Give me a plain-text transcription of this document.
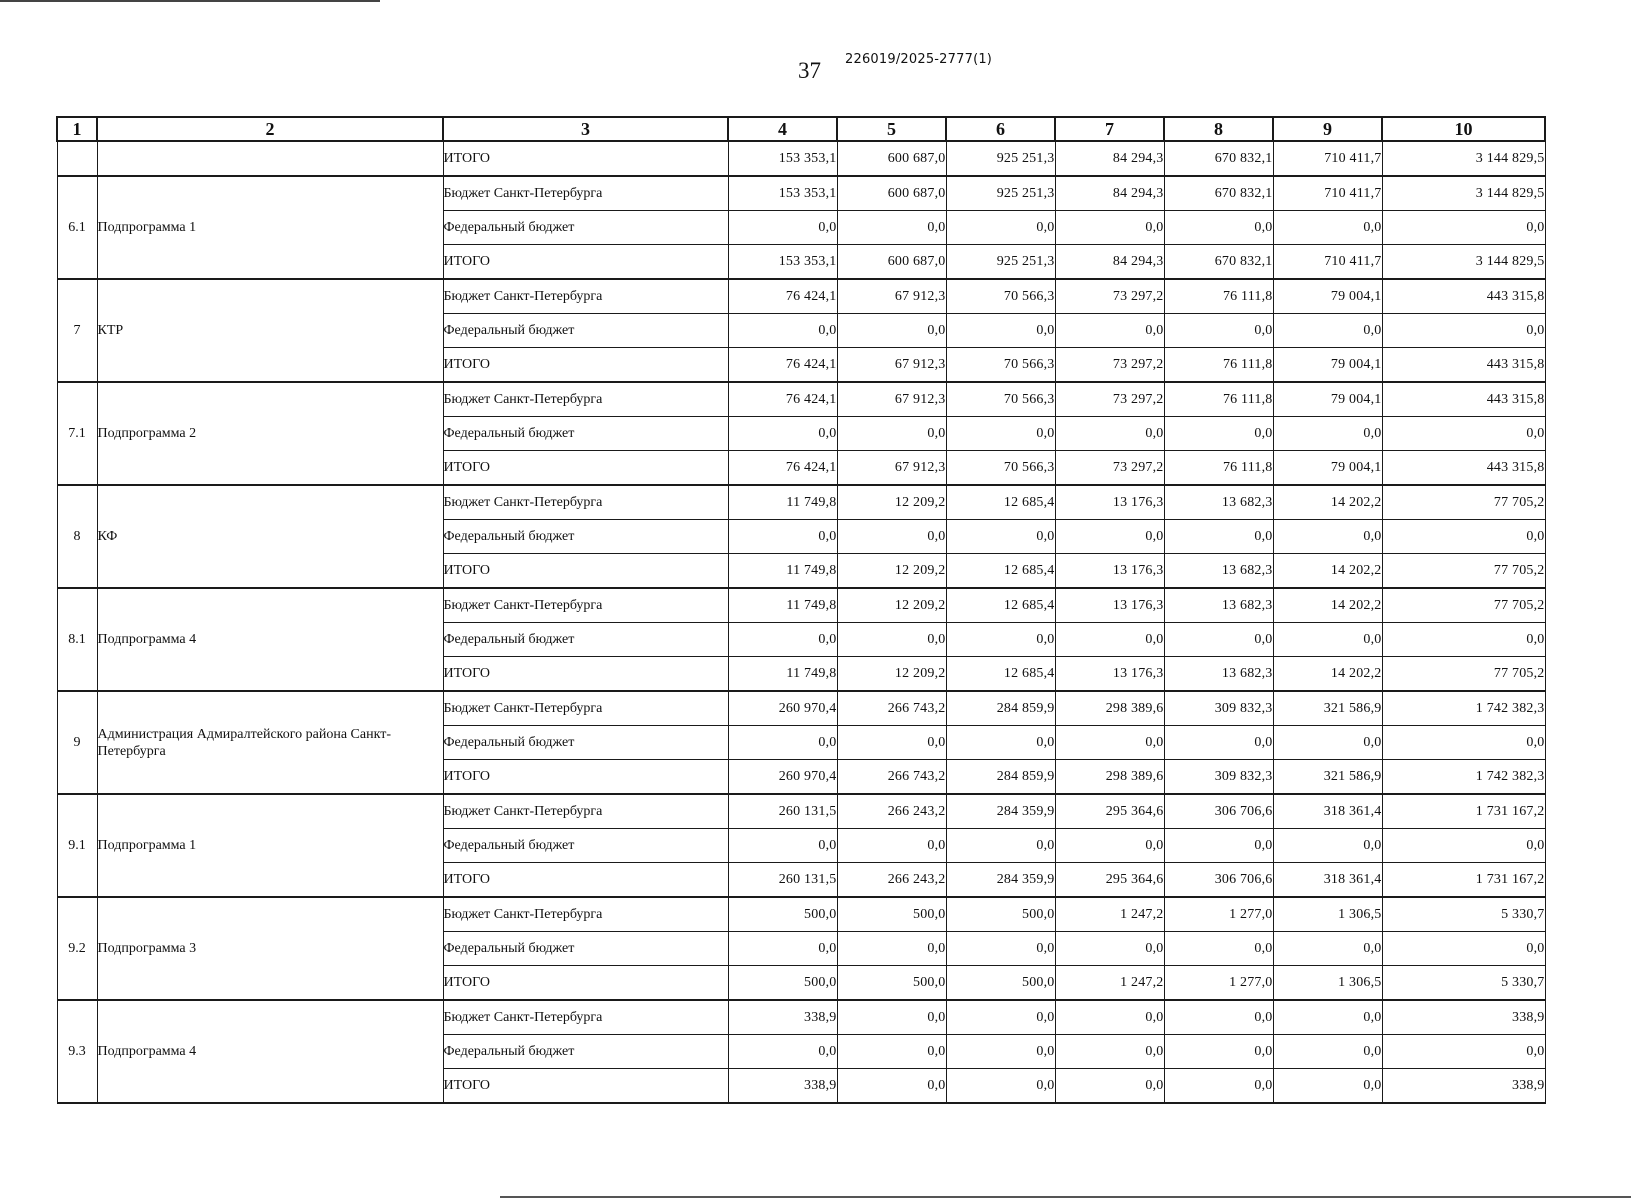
37 226019/2025-2777(1)
1	2	3	4	5	6	7	8	9	10
		ИТОГО	153 353,1	600 687,0	925 251,3	84 294,3	670 832,1	710 411,7	3 144 829,5
6.1	Подпрограмма 1	Бюджет Санкт-Петербурга	153 353,1	600 687,0	925 251,3	84 294,3	670 832,1	710 411,7	3 144 829,5
		Федеральный бюджет	0,0	0,0	0,0	0,0	0,0	0,0	0,0
		ИТОГО	153 353,1	600 687,0	925 251,3	84 294,3	670 832,1	710 411,7	3 144 829,5
7	КТР	Бюджет Санкт-Петербурга	76 424,1	67 912,3	70 566,3	73 297,2	76 111,8	79 004,1	443 315,8
		Федеральный бюджет	0,0	0,0	0,0	0,0	0,0	0,0	0,0
		ИТОГО	76 424,1	67 912,3	70 566,3	73 297,2	76 111,8	79 004,1	443 315,8
7.1	Подпрограмма 2	Бюджет Санкт-Петербурга	76 424,1	67 912,3	70 566,3	73 297,2	76 111,8	79 004,1	443 315,8
		Федеральный бюджет	0,0	0,0	0,0	0,0	0,0	0,0	0,0
		ИТОГО	76 424,1	67 912,3	70 566,3	73 297,2	76 111,8	79 004,1	443 315,8
8	КФ	Бюджет Санкт-Петербурга	11 749,8	12 209,2	12 685,4	13 176,3	13 682,3	14 202,2	77 705,2
		Федеральный бюджет	0,0	0,0	0,0	0,0	0,0	0,0	0,0
		ИТОГО	11 749,8	12 209,2	12 685,4	13 176,3	13 682,3	14 202,2	77 705,2
8.1	Подпрограмма 4	Бюджет Санкт-Петербурга	11 749,8	12 209,2	12 685,4	13 176,3	13 682,3	14 202,2	77 705,2
		Федеральный бюджет	0,0	0,0	0,0	0,0	0,0	0,0	0,0
		ИТОГО	11 749,8	12 209,2	12 685,4	13 176,3	13 682,3	14 202,2	77 705,2
9	Администрация Адмиралтейского района Санкт-Петербурга	Бюджет Санкт-Петербурга	260 970,4	266 743,2	284 859,9	298 389,6	309 832,3	321 586,9	1 742 382,3
		Федеральный бюджет	0,0	0,0	0,0	0,0	0,0	0,0	0,0
		ИТОГО	260 970,4	266 743,2	284 859,9	298 389,6	309 832,3	321 586,9	1 742 382,3
9.1	Подпрограмма 1	Бюджет Санкт-Петербурга	260 131,5	266 243,2	284 359,9	295 364,6	306 706,6	318 361,4	1 731 167,2
		Федеральный бюджет	0,0	0,0	0,0	0,0	0,0	0,0	0,0
		ИТОГО	260 131,5	266 243,2	284 359,9	295 364,6	306 706,6	318 361,4	1 731 167,2
9.2	Подпрограмма 3	Бюджет Санкт-Петербурга	500,0	500,0	500,0	1 247,2	1 277,0	1 306,5	5 330,7
		Федеральный бюджет	0,0	0,0	0,0	0,0	0,0	0,0	0,0
		ИТОГО	500,0	500,0	500,0	1 247,2	1 277,0	1 306,5	5 330,7
9.3	Подпрограмма 4	Бюджет Санкт-Петербурга	338,9	0,0	0,0	0,0	0,0	0,0	338,9
		Федеральный бюджет	0,0	0,0	0,0	0,0	0,0	0,0	0,0
		ИТОГО	338,9	0,0	0,0	0,0	0,0	0,0	338,9
